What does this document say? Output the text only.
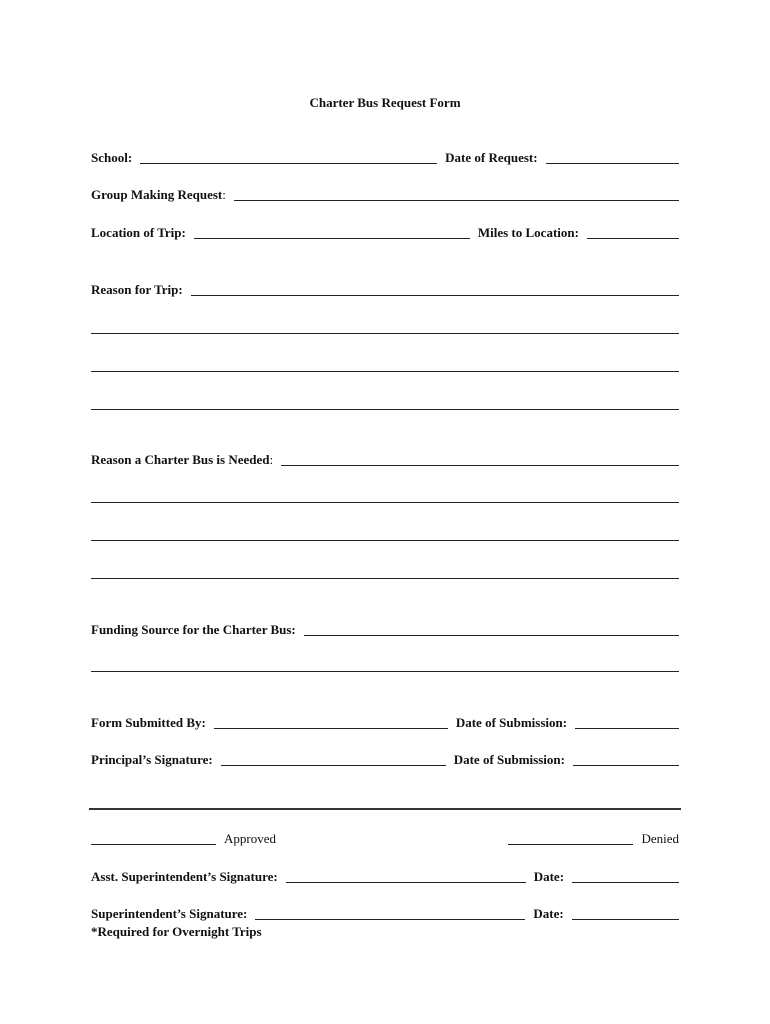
Charter Bus Request Form
School:	Date of Request:
Group Making Request :
Location of Trip:	Miles to Location:
Reason for Trip:
Reason a Charter Bus is Needed :
Funding Source for the Charter Bus:
Form Submitted By:	Date of Submission:
Principal’s Signature:	Date of Submission:
Approved	Denied
Asst. Superintendent’s Signature:	Date:
Superintendent’s Signature:	Date:
*Required for Overnight Trips
